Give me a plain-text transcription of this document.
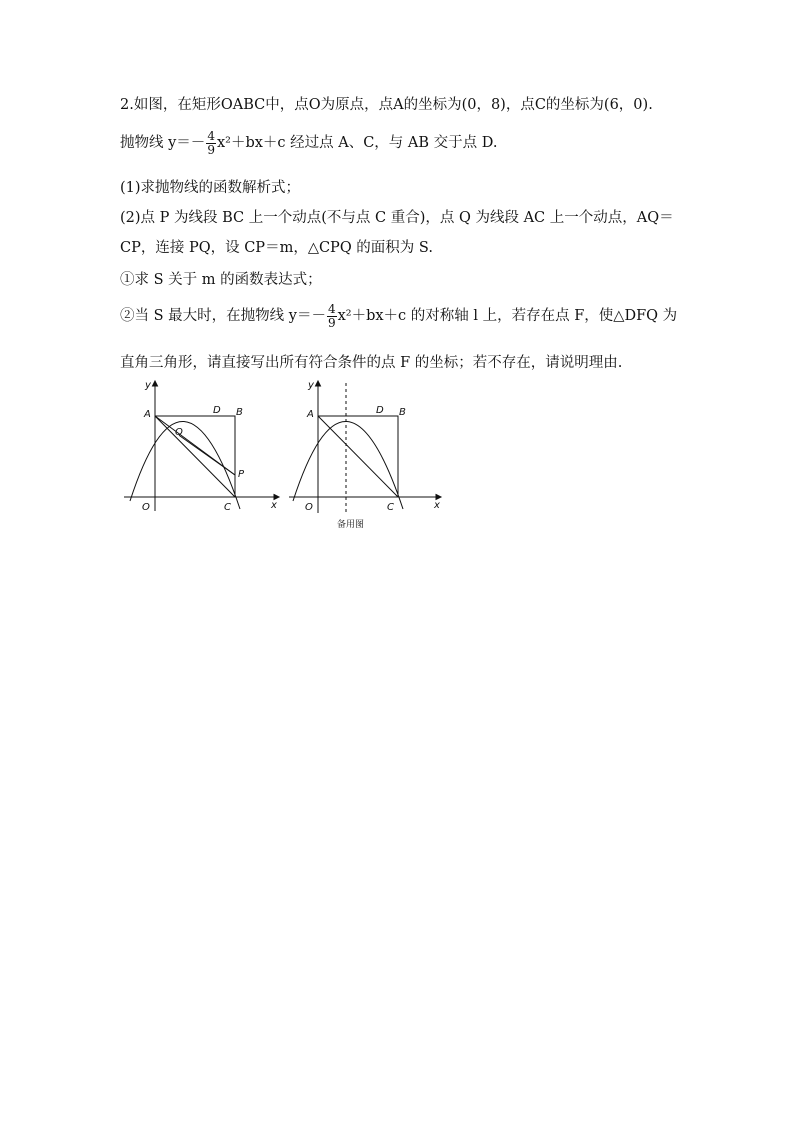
2.如图，在矩形OABC中，点O为原点，点A的坐标为(0，8)，点C的坐标为(6，0).
抛物线 $y=- \frac{4}{9} x^2+bx+c$ 经过点 A、C，与 AB 交于点 D.
(1)求抛物线的函数解析式；
(2)点 P 为线段 BC 上一个动点(不与点 C 重合)，点 Q 为线段 AC 上一个动点，AQ＝
CP，连接 PQ，设 CP＝m，△CPQ 的面积为 S.
①求 S 关于 m 的函数表达式；
②当 S 最大时，在抛物线 $y=- \frac{4}{9} x^2+bx+c$ 的对称轴 l 上，若存在点 F，使△DFQ 为
直角三角形，请直接写出所有符合条件的点 F 的坐标；若不存在，请说明理由.
y
x
A	D B
Q
P
O	C
y
x
A	D B
O	C
备用图
